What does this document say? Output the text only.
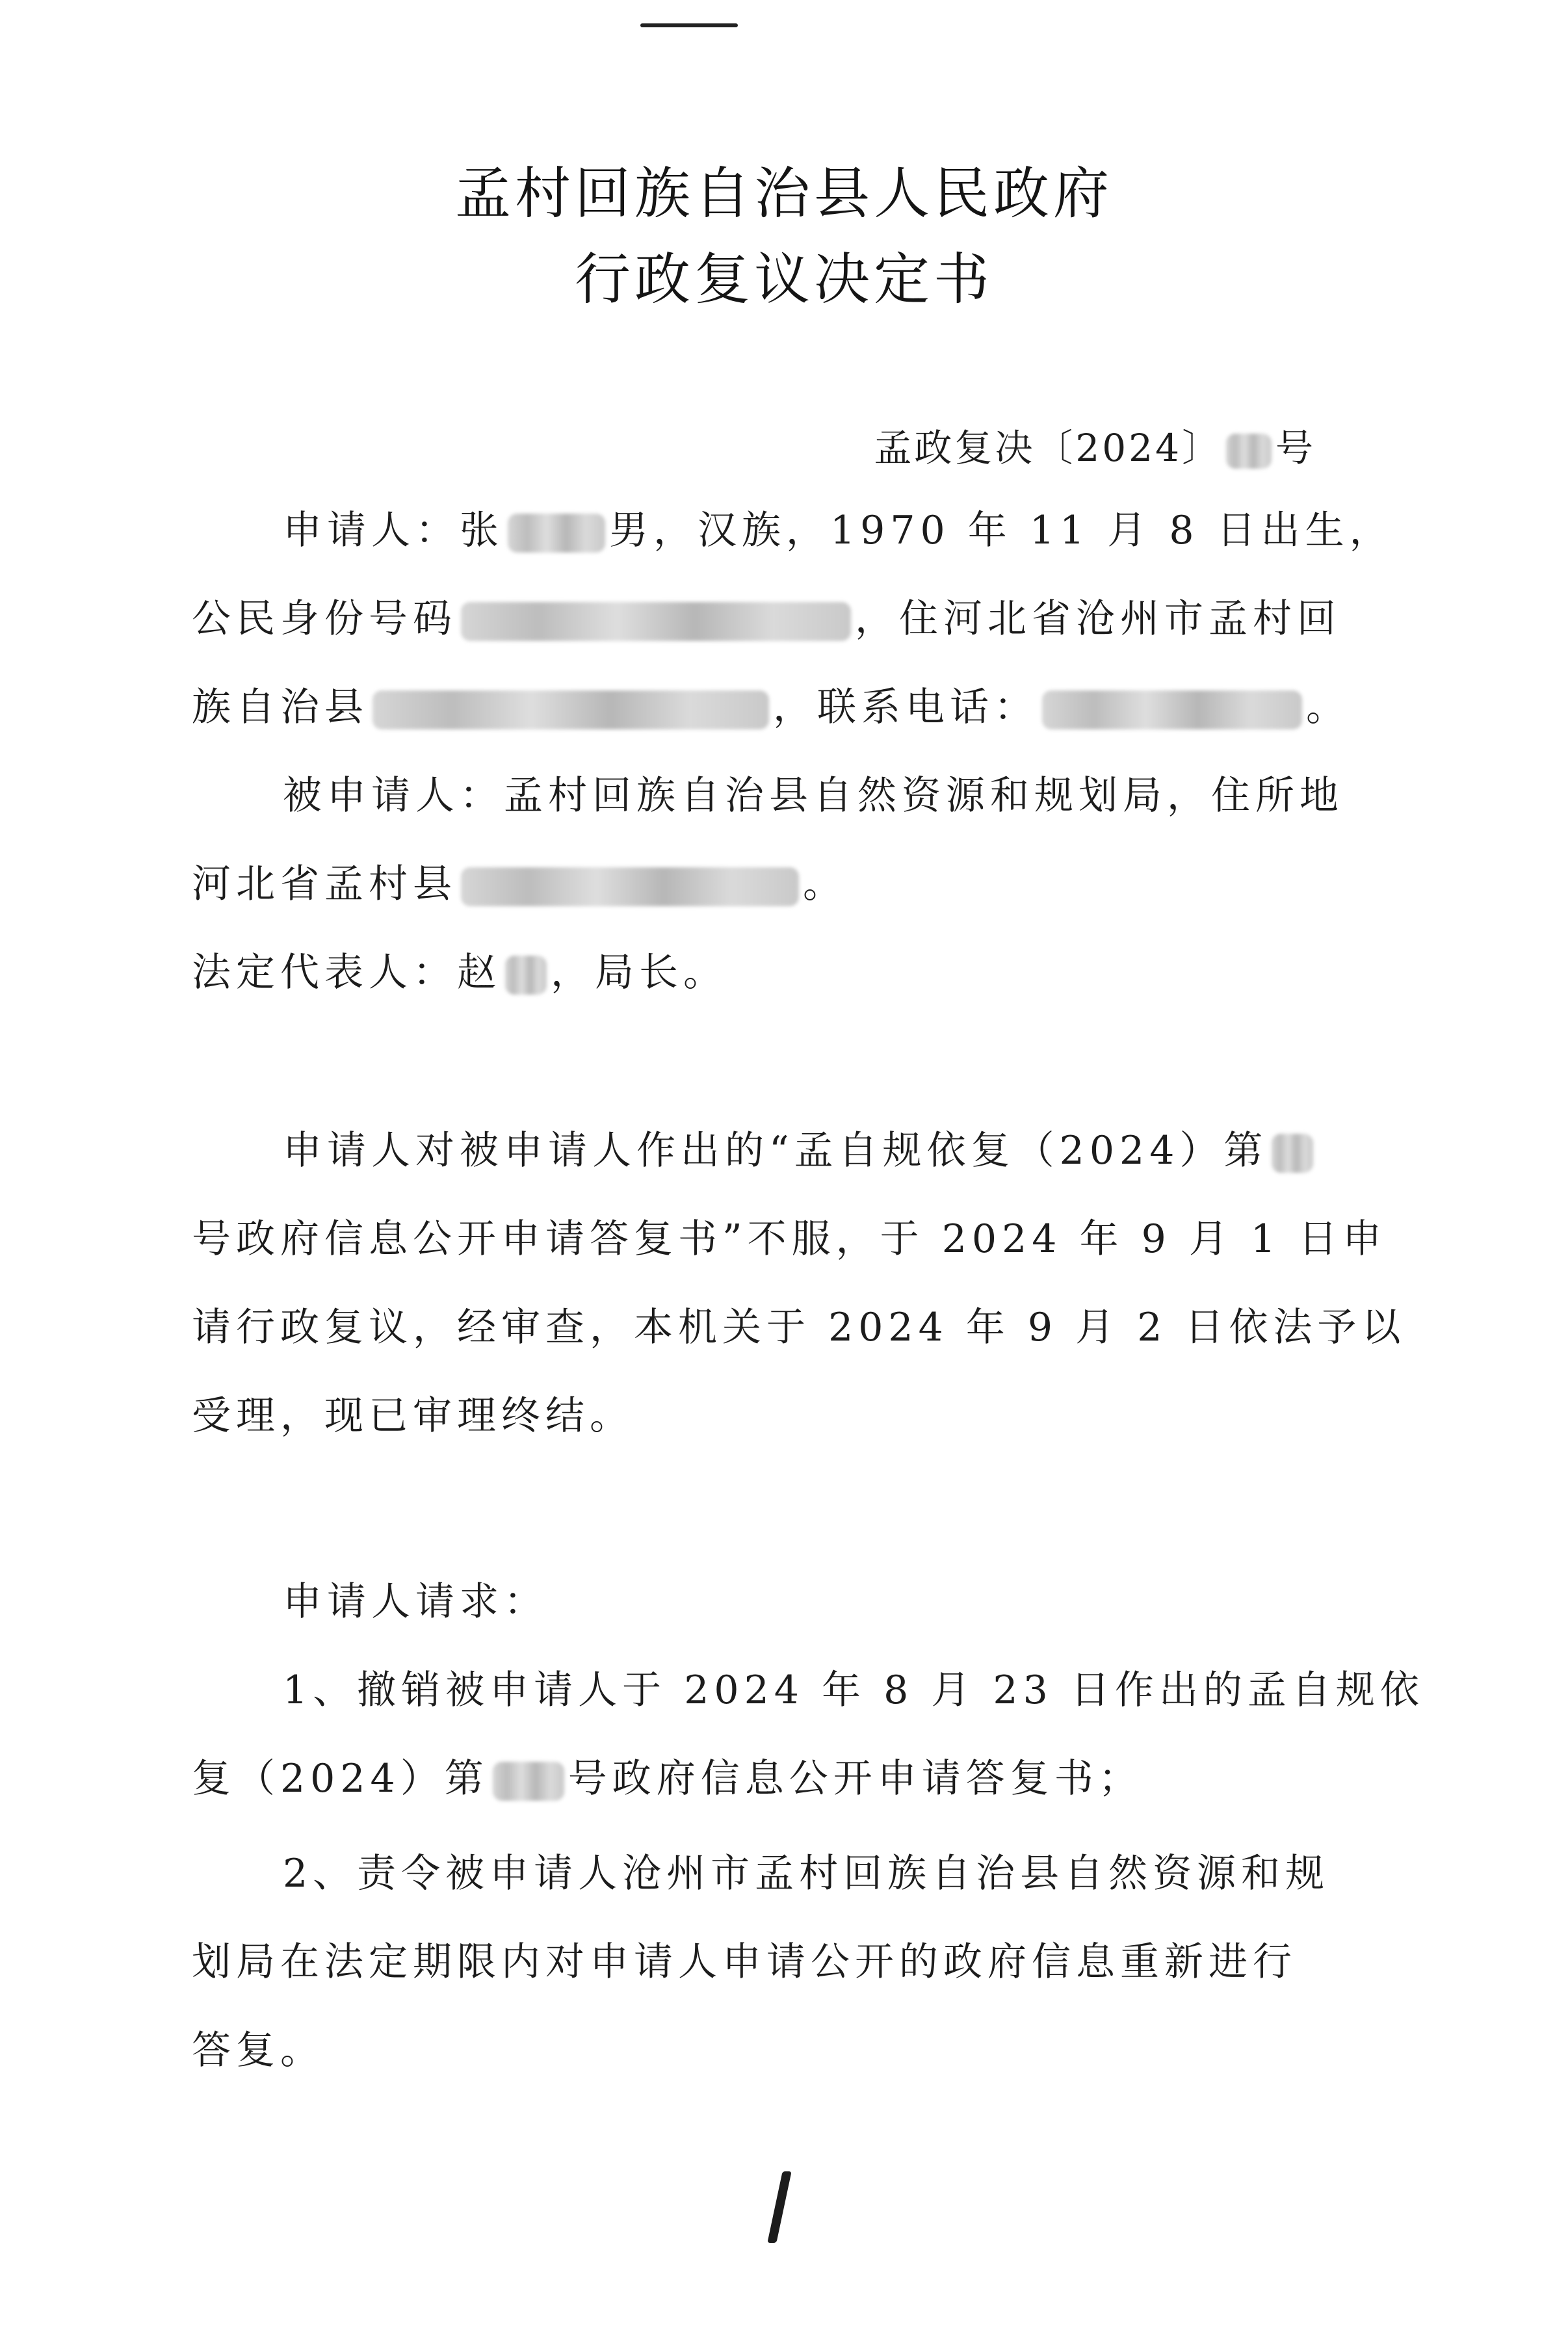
孟村回族自治县人民政府
行政复议决定书
孟政复决〔2024〕 号
申请人：张	男，汉族，1970 年 11 月 8 日出生，
公民身份号码	，住河北省沧州市孟村回
族自治县	，联系电话：	。
被申请人：孟村回族自治县自然资源和规划局，住所地
河北省孟村县	。
法定代表人：赵 ，局长。
申请人对被申请人作出的“孟自规依复（2024）第
号政府信息公开申请答复书”不服，于 2024 年 9 月 1 日申
请行政复议，经审查，本机关于 2024 年 9 月 2 日依法予以
受理，现已审理终结。
申请人请求：
1、撤销被申请人于 2024 年 8 月 23 日作出的孟自规依
复（2024）第 号政府信息公开申请答复书；
2、责令被申请人沧州市孟村回族自治县自然资源和规
划局在法定期限内对申请人申请公开的政府信息重新进行
答复。
